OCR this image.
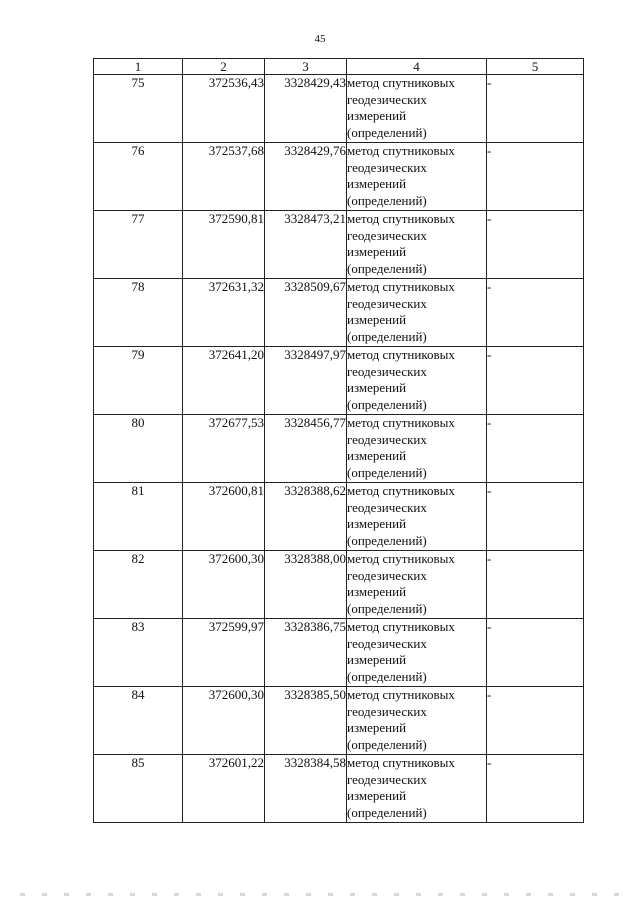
45
1	2	3	4	5
75	372536,43	3328429,43	метод спутниковых геодезических измерений (определений)	-
76	372537,68	3328429,76	метод спутниковых геодезических измерений (определений)	-
77	372590,81	3328473,21	метод спутниковых геодезических измерений (определений)	-
78	372631,32	3328509,67	метод спутниковых геодезических измерений (определений)	-
79	372641,20	3328497,97	метод спутниковых геодезических измерений (определений)	-
80	372677,53	3328456,77	метод спутниковых геодезических измерений (определений)	-
81	372600,81	3328388,62	метод спутниковых геодезических измерений (определений)	-
82	372600,30	3328388,00	метод спутниковых геодезических измерений (определений)	-
83	372599,97	3328386,75	метод спутниковых геодезических измерений (определений)	-
84	372600,30	3328385,50	метод спутниковых геодезических измерений (определений)	-
85	372601,22	3328384,58	метод спутниковых геодезических измерений (определений)	-
